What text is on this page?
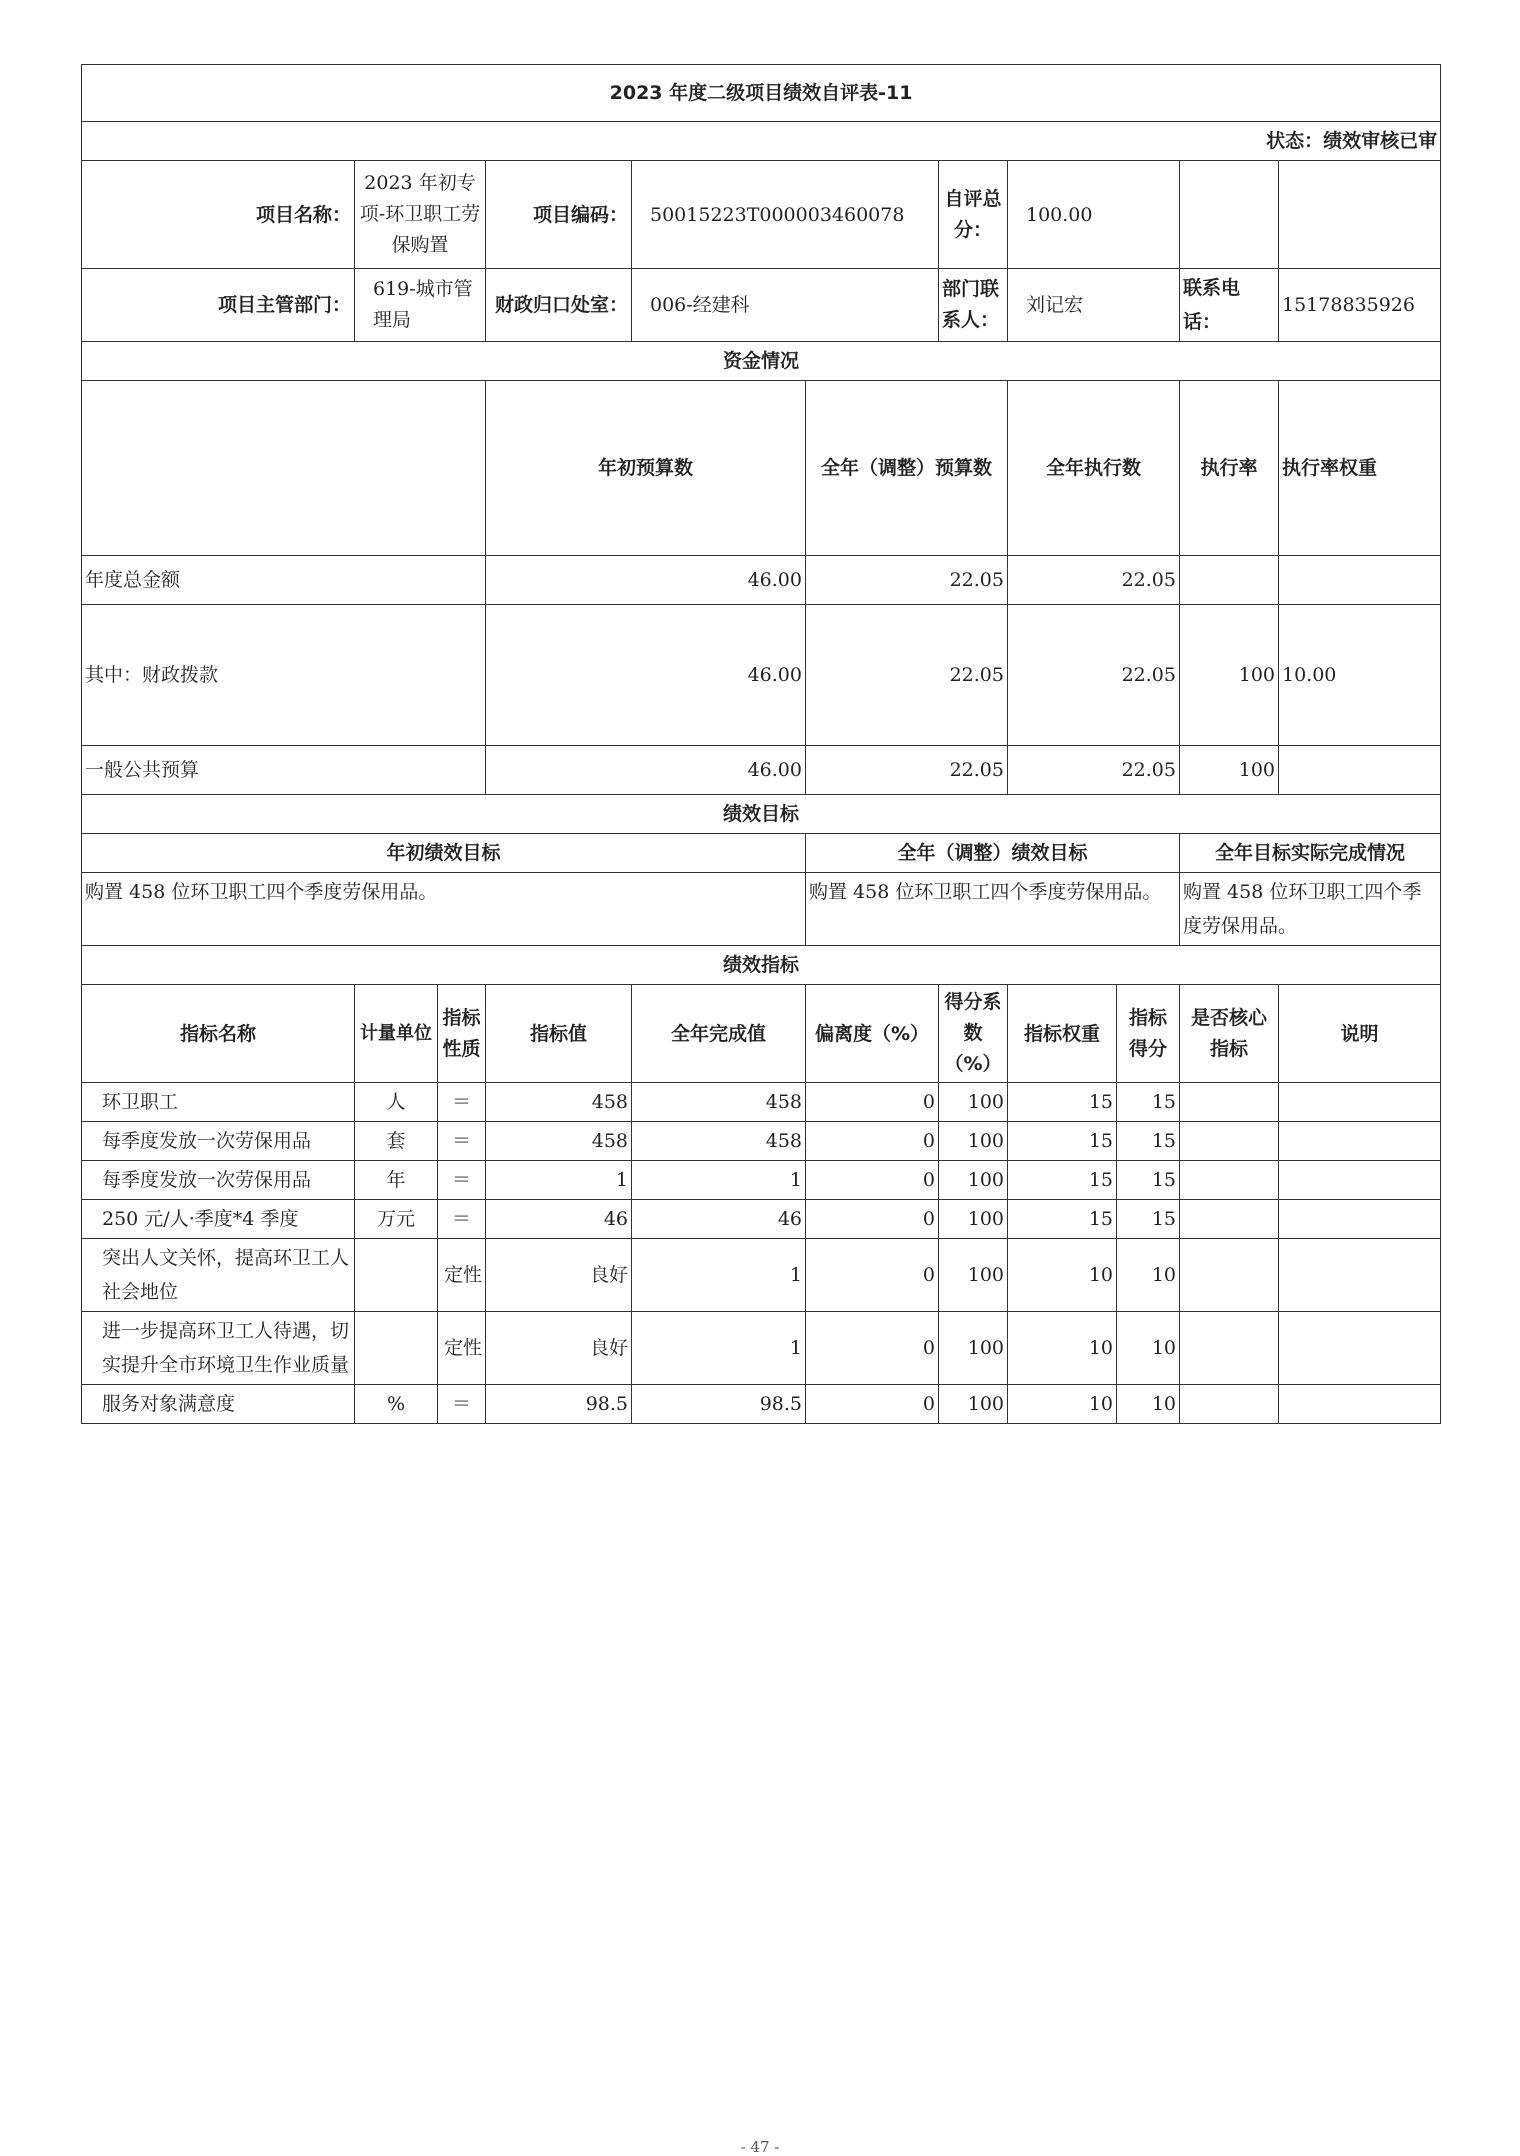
2023 年度二级项目绩效自评表-11											
状态：绩效审核已审											
项目名称：	2023 年初专项-环卫职工劳保购置		项目编码：	50015223T000003460078		自评总分：	100.00				
项目主管部门：	619-城市管理局		财政归口处室：	006-经建科		部门联系人：	刘记宏		联系电话：	15178835926	
资金情况											
			年初预算数		全年（调整）预算数		全年执行数		执行率	执行率权重	
年度总金额			46.00		22.05		22.05				
其中：财政拨款			46.00		22.05		22.05		100	10.00	
一般公共预算			46.00		22.05		22.05		100		
绩效目标											
年初绩效目标					全年（调整）绩效目标				全年目标实际完成情况		
购置 458 位环卫职工四个季度劳保用品。					购置 458 位环卫职工四个季度劳保用品。				购置 458 位环卫职工四个季度劳保用品。		
绩效指标											
指标名称	计量单位	指标性质	指标值	全年完成值	偏离度（%）	得分系数（%）	指标权重	指标得分	是否核心指标	说明	
环卫职工	人	＝	458	458	0	100	15	15			
每季度发放一次劳保用品	套	＝	458	458	0	100	15	15			
每季度发放一次劳保用品	年	＝	1	1	0	100	15	15			
250 元/人·季度*4 季度	万元	＝	46	46	0	100	15	15			
突出人文关怀，提高环卫工人社会地位		定性	良好	1	0	100	10	10			
进一步提高环卫工人待遇，切实提升全市环境卫生作业质量		定性	良好	1	0	100	10	10			
服务对象满意度	%	＝	98.5	98.5	0	100	10	10			
- 47 -
